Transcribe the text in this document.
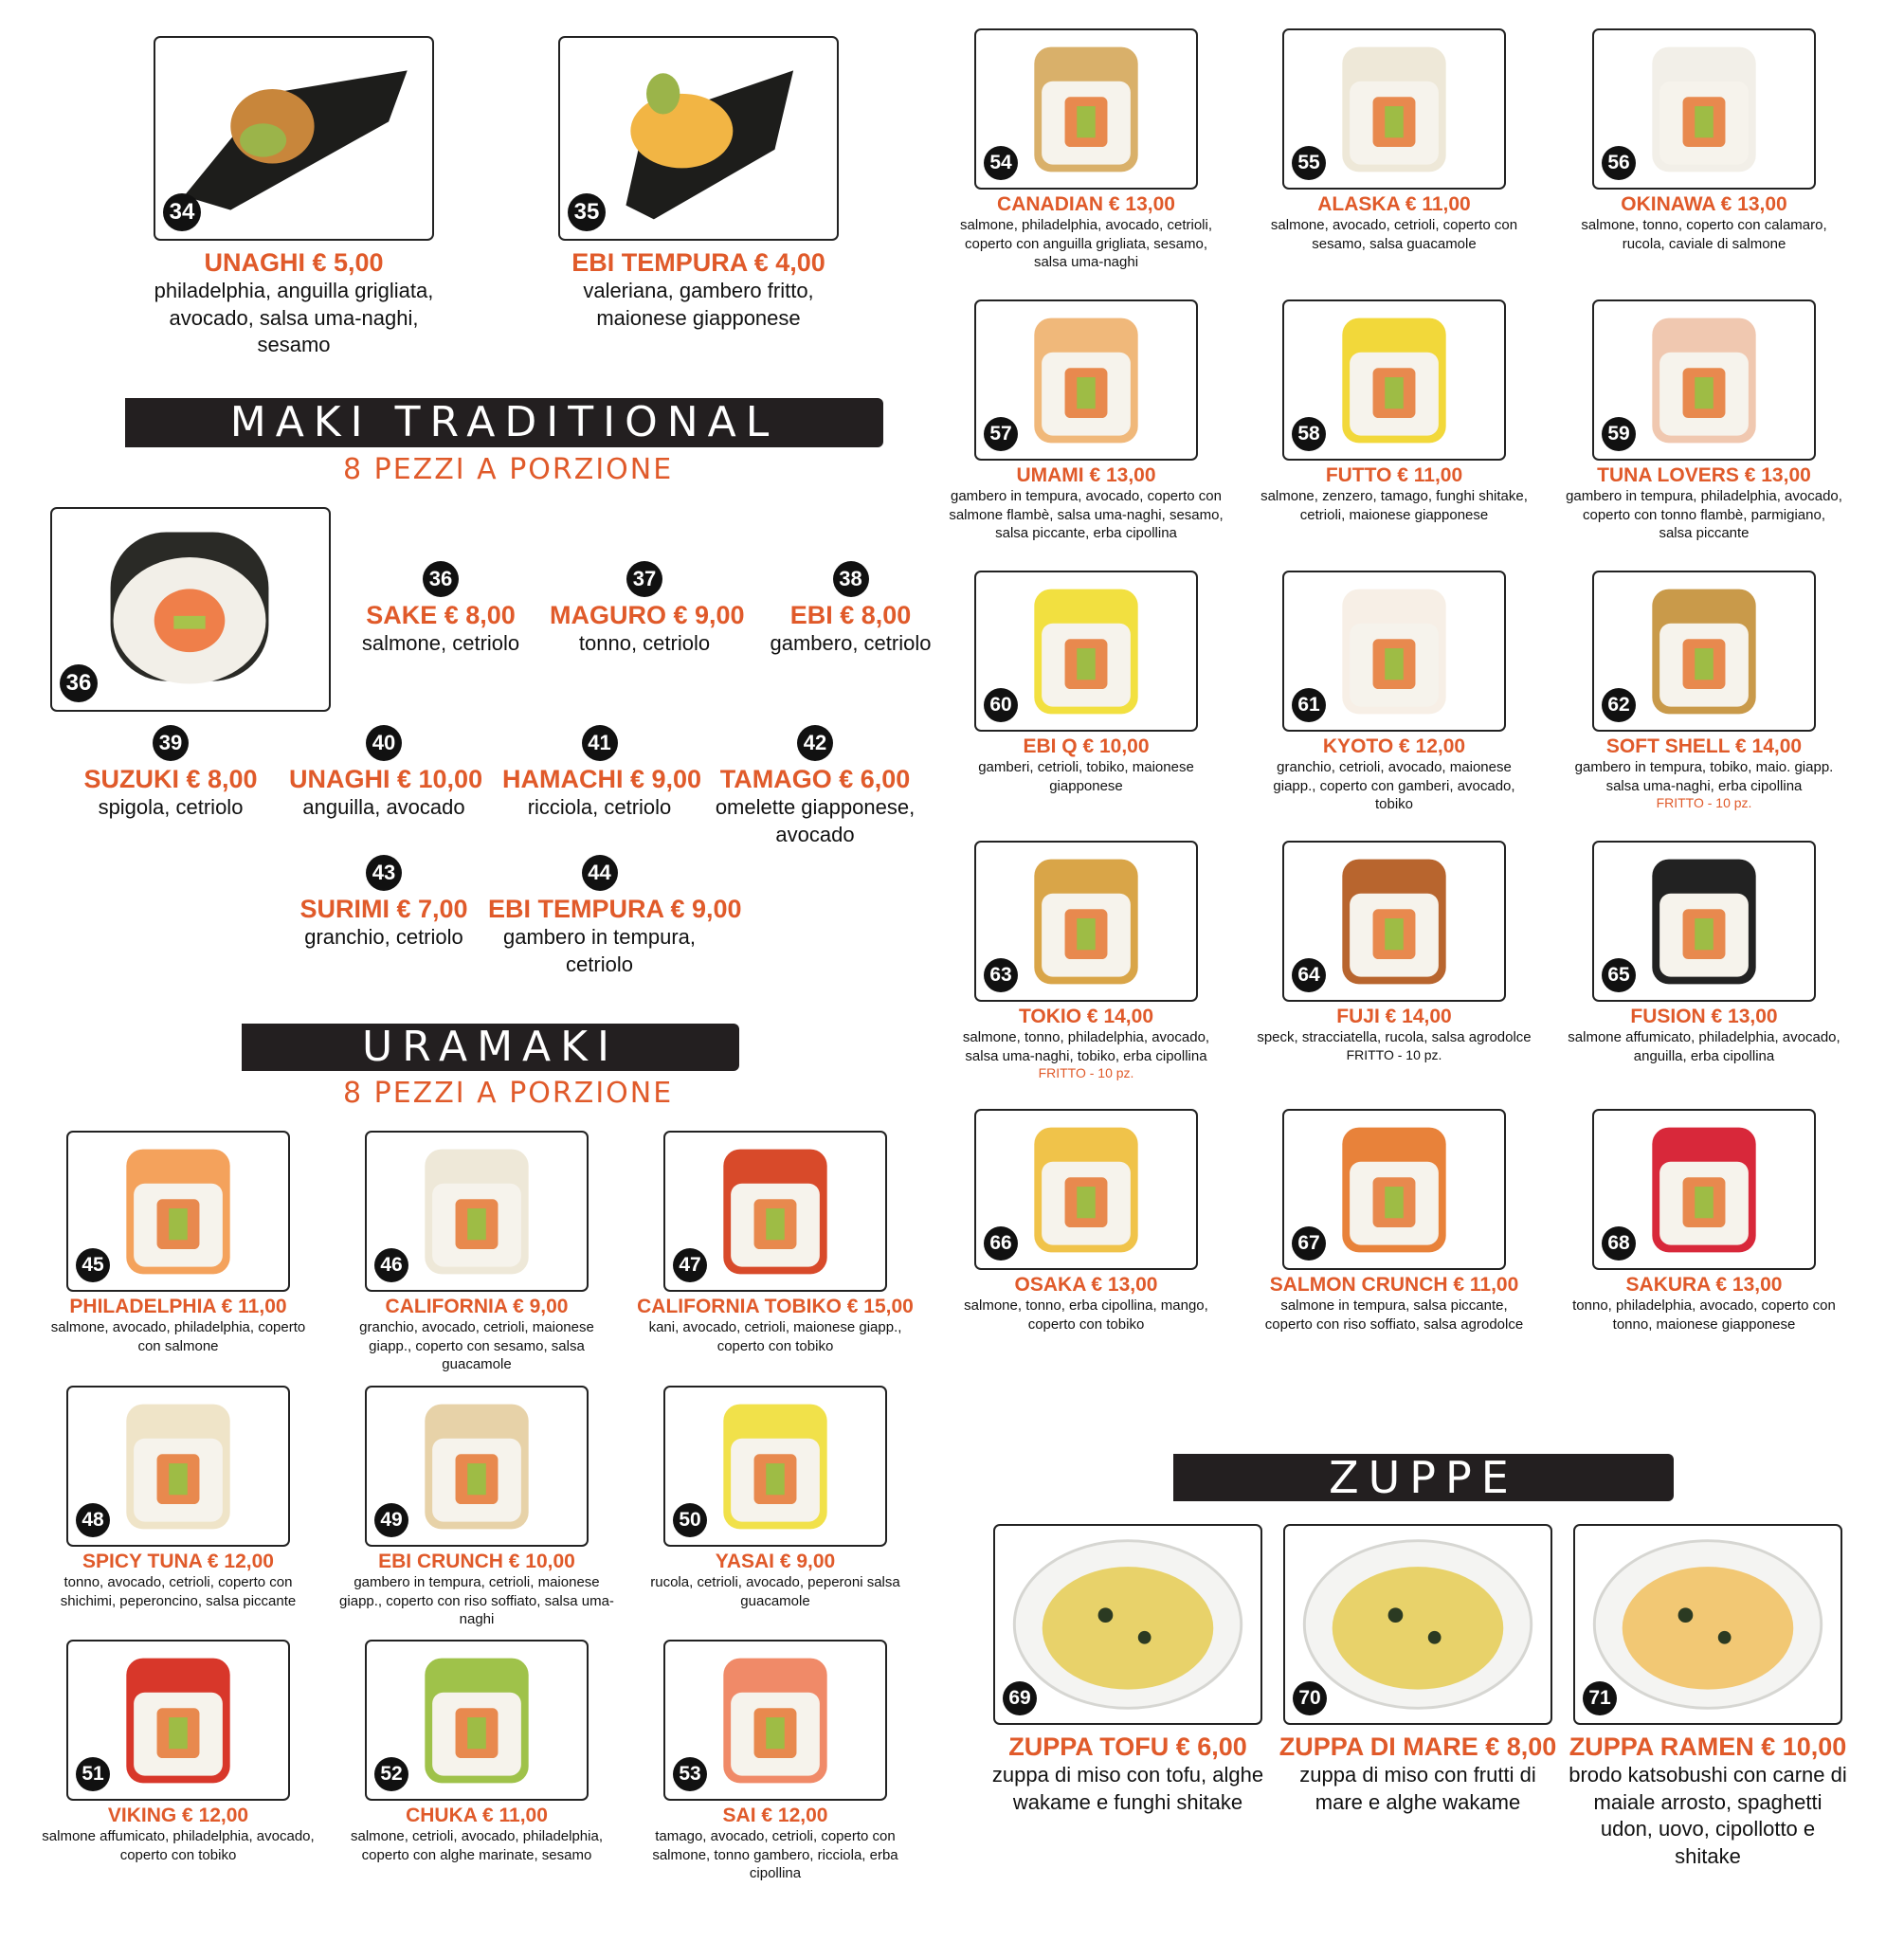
34
UNAGHI € 5,00
philadelphia, anguilla grigliata, avocado, salsa uma-naghi, sesamo
35
EBI TEMPURA € 4,00
valeriana, gambero fritto, maionese giapponese
MAKI TRADITIONAL
8 PEZZI A PORZIONE
36
36
SAKE € 8,00
salmone, cetriolo
37
MAGURO € 9,00
tonno, cetriolo
38
EBI € 8,00
gambero, cetriolo
39
SUZUKI € 8,00
spigola, cetriolo
40
UNAGHI € 10,00
anguilla, avocado
41
HAMACHI € 9,00
ricciola, cetriolo
42
TAMAGO € 6,00
omelette giapponese, avocado
43
SURIMI € 7,00
granchio, cetriolo
44
EBI TEMPURA € 9,00
gambero in tempura, cetriolo
URAMAKI
8 PEZZI A PORZIONE
45
PHILADELPHIA € 11,00
salmone, avocado, philadelphia, coperto con salmone
46
CALIFORNIA € 9,00
granchio, avocado, cetrioli, maionese giapp., coperto con sesamo, salsa guacamole
47
CALIFORNIA TOBIKO € 15,00
kani, avocado, cetrioli, maionese giapp., coperto con tobiko
48
SPICY TUNA € 12,00
tonno, avocado, cetrioli, coperto con shichimi, peperoncino, salsa piccante
49
EBI CRUNCH € 10,00
gambero in tempura, cetrioli, maionese giapp., coperto con riso soffiato, salsa uma-naghi
50
YASAI € 9,00
rucola, cetrioli, avocado, peperoni salsa guacamole
51
VIKING € 12,00
salmone affumicato, philadelphia, avocado, coperto con tobiko
52
CHUKA € 11,00
salmone, cetrioli, avocado, philadelphia, coperto con alghe marinate, sesamo
53
SAI € 12,00
tamago, avocado, cetrioli, coperto con salmone, tonno gambero, ricciola, erba cipollina
54
CANADIAN € 13,00
salmone, philadelphia, avocado, cetrioli, coperto con anguilla grigliata, sesamo, salsa uma-naghi
55
ALASKA € 11,00
salmone, avocado, cetrioli, coperto con sesamo, salsa guacamole
56
OKINAWA € 13,00
salmone, tonno, coperto con calamaro, rucola, caviale di salmone
57
UMAMI € 13,00
gambero in tempura, avocado, coperto con salmone flambè, salsa uma-naghi, sesamo, salsa piccante, erba cipollina
58
FUTTO € 11,00
salmone, zenzero, tamago, funghi shitake, cetrioli, maionese giapponese
59
TUNA LOVERS € 13,00
gambero in tempura, philadelphia, avocado, coperto con tonno flambè, parmigiano, salsa piccante
60
EBI Q € 10,00
gamberi, cetrioli, tobiko, maionese giapponese
61
KYOTO € 12,00
granchio, cetrioli, avocado, maionese giapp., coperto con gamberi, avocado, tobiko
62
SOFT SHELL € 14,00
gambero in tempura, tobiko, maio. giapp. salsa uma-naghi, erba cipollina
FRITTO - 10 pz.
63
TOKIO € 14,00
salmone, tonno, philadelphia, avocado, salsa uma-naghi, tobiko, erba cipollina
FRITTO - 10 pz.
64
FUJI € 14,00
speck, stracciatella, rucola, salsa agrodolce
FRITTO - 10 pz.
65
FUSION € 13,00
salmone affumicato, philadelphia, avocado, anguilla, erba cipollina
66
OSAKA € 13,00
salmone, tonno, erba cipollina, mango, coperto con tobiko
67
SALMON CRUNCH € 11,00
salmone in tempura, salsa piccante, coperto con riso soffiato, salsa agrodolce
68
SAKURA € 13,00
tonno, philadelphia, avocado, coperto con tonno, maionese giapponese
ZUPPE
69
ZUPPA TOFU € 6,00
zuppa di miso con tofu, alghe wakame e funghi shitake
70
ZUPPA DI MARE € 8,00
zuppa di miso con frutti di mare e alghe wakame
71
ZUPPA RAMEN € 10,00
brodo katsobushi con carne di maiale arrosto, spaghetti udon, uovo, cipollotto e shitake
